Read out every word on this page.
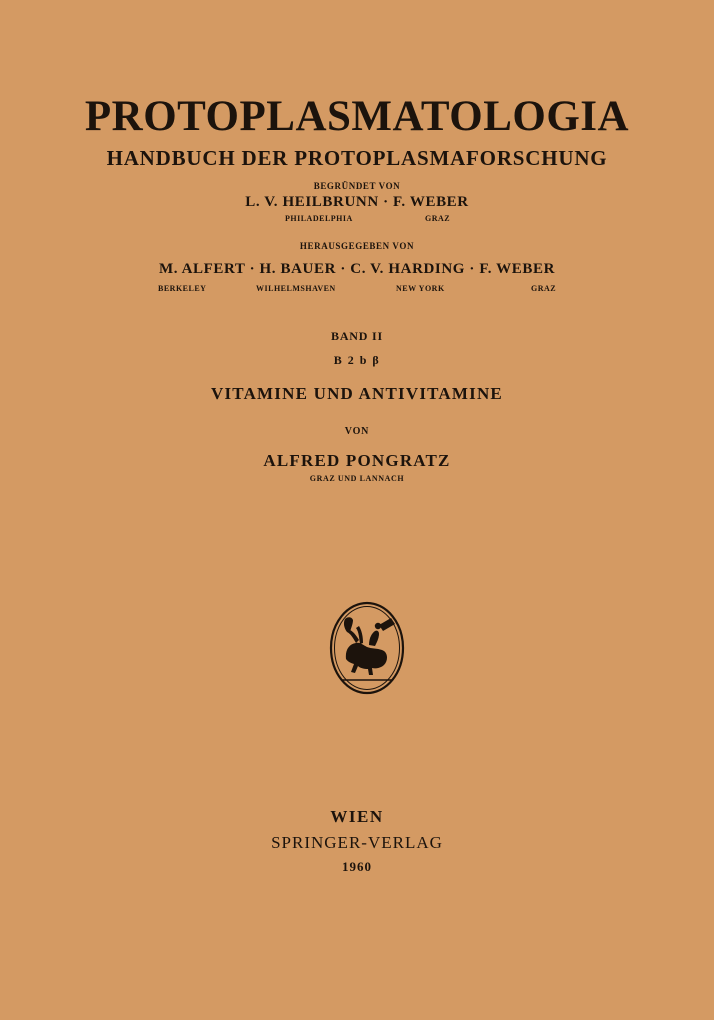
PROTOPLASMATOLOGIA
HANDBUCH DER PROTOPLASMAFORSCHUNG
BEGRÜNDET VON
L. V. HEILBRUNN · F. WEBER
PHILADELPHIA	GRAZ
HERAUSGEGEBEN VON
M. ALFERT · H. BAUER · C. V. HARDING · F. WEBER
BERKELEY	WILHELMSHAVEN	NEW YORK	GRAZ
BAND II
B 2 b β
VITAMINE UND ANTIVITAMINE
VON
ALFRED PONGRATZ
GRAZ UND LANNACH
WIEN
SPRINGER-VERLAG
1960
